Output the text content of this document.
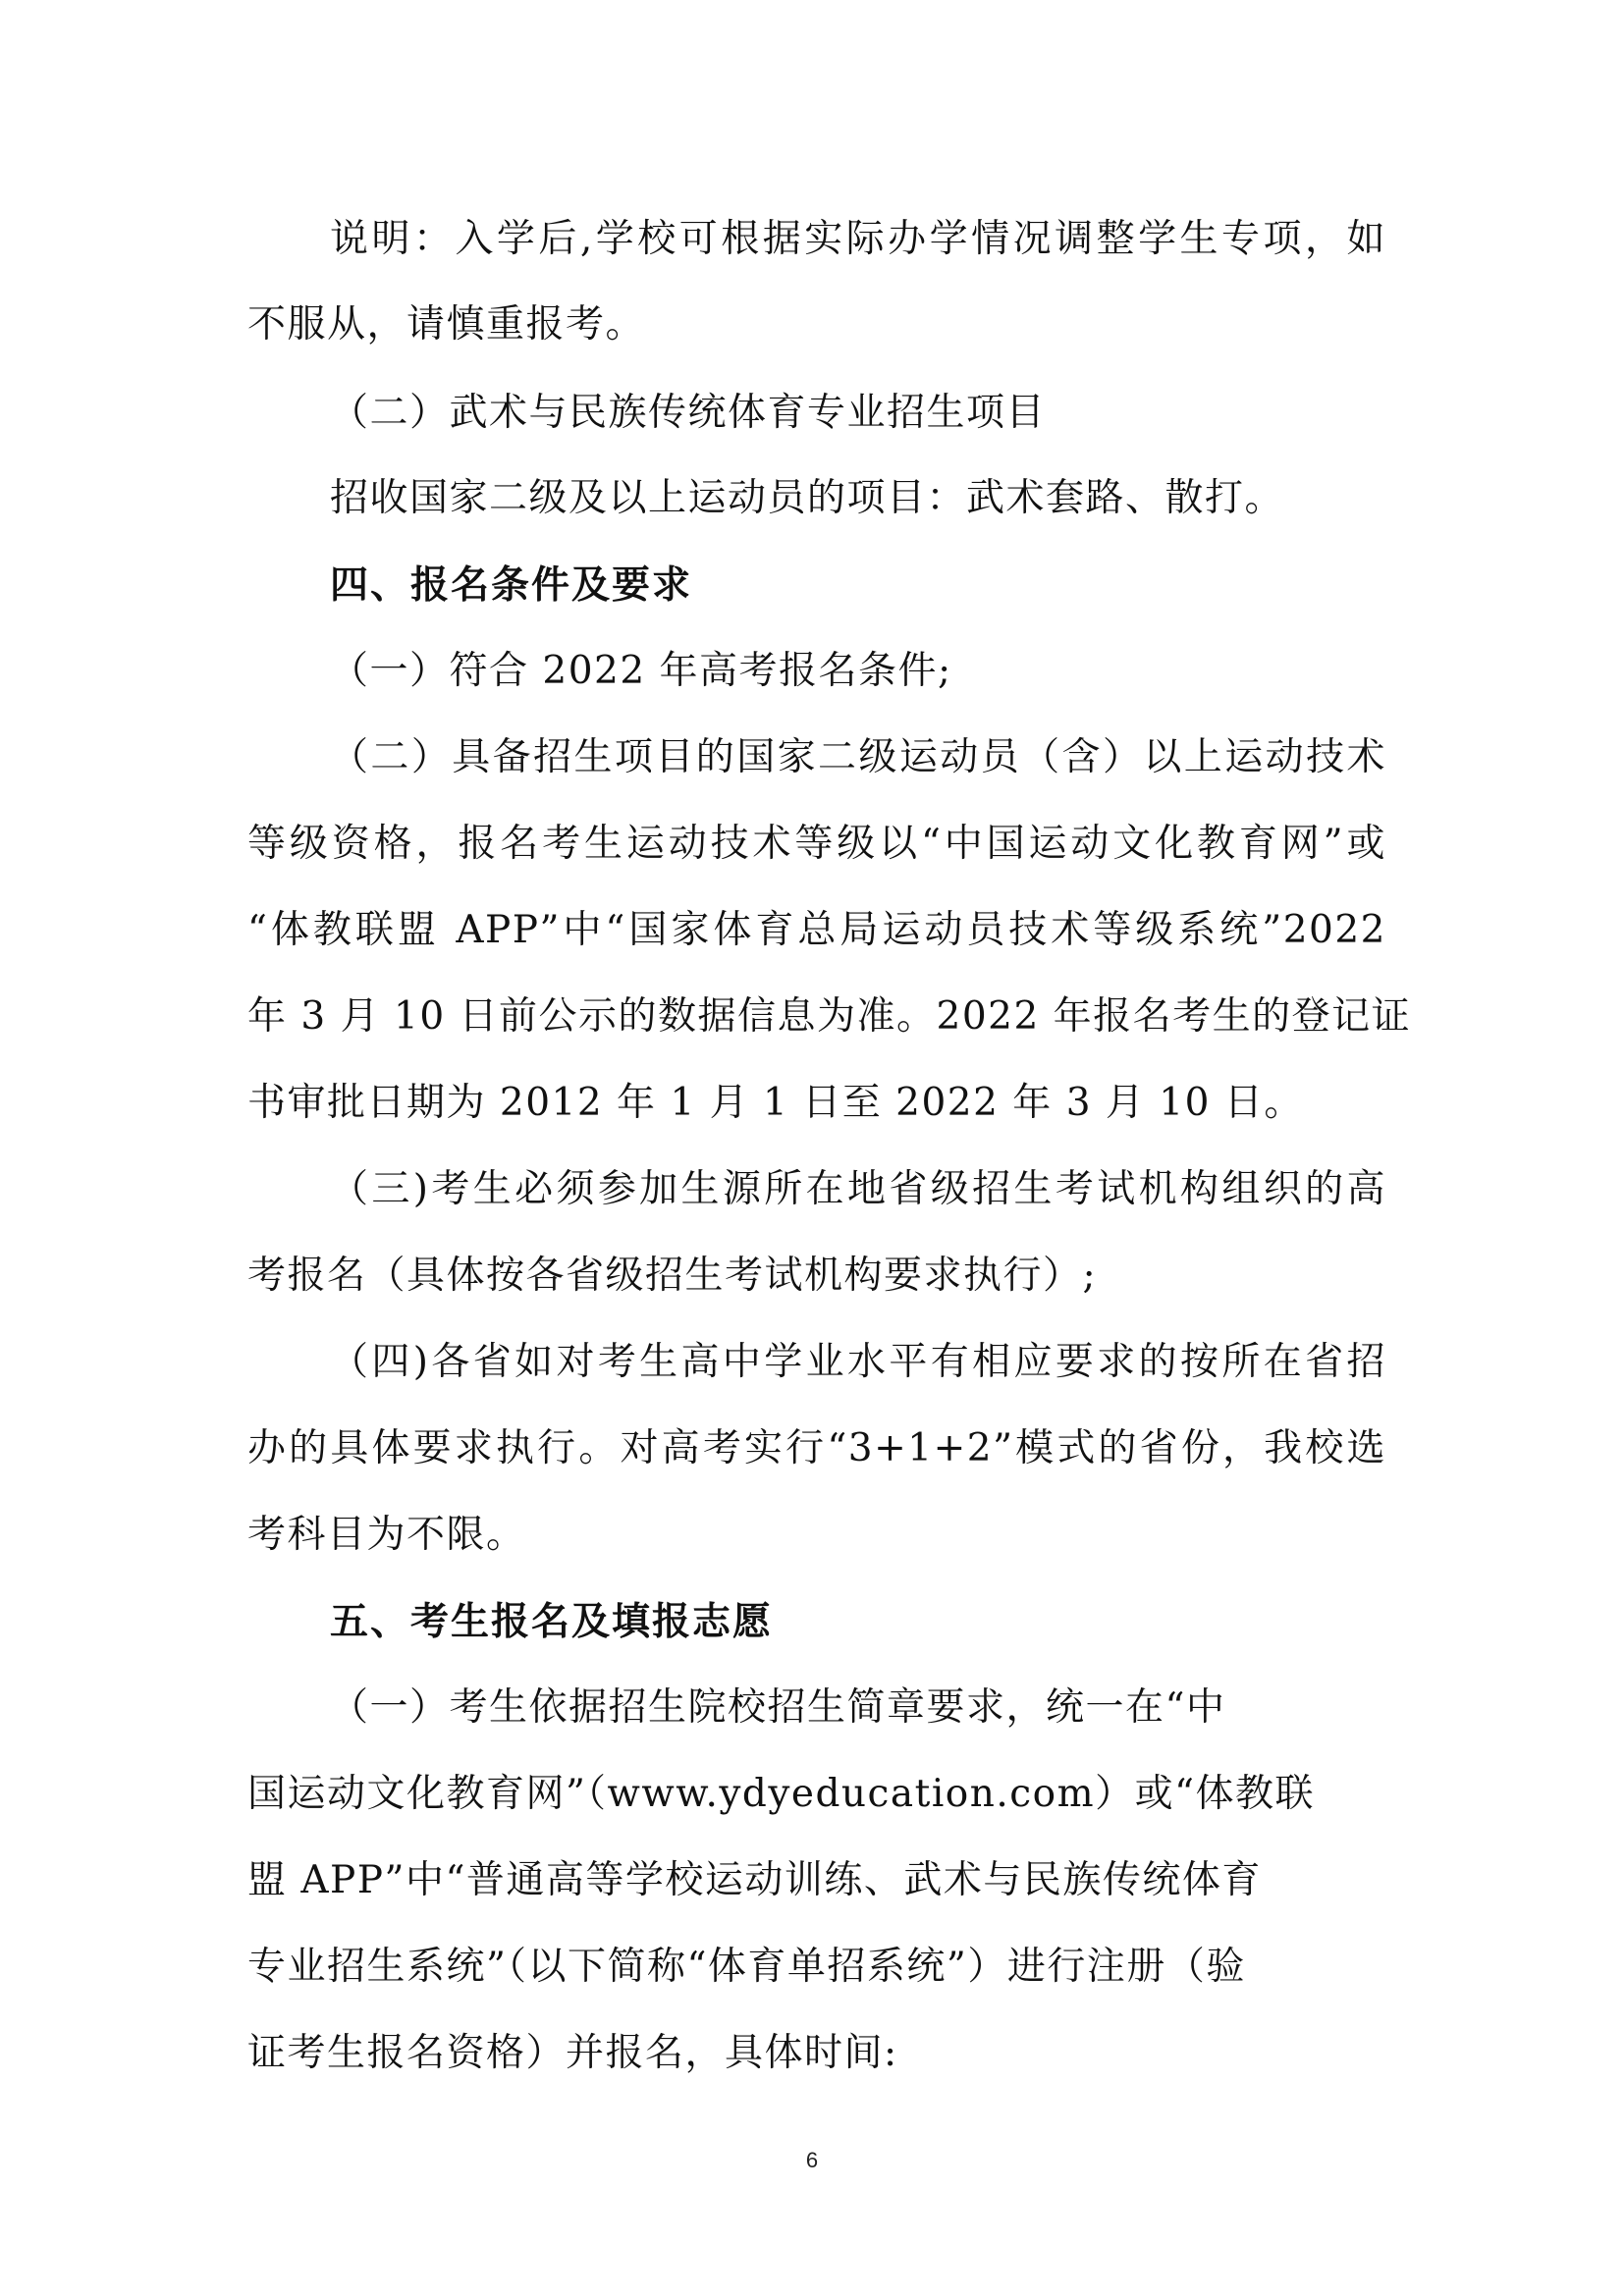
说明：入学后,学校可根据实际办学情况调整学生专项，如
不服从，请慎重报考。
（二）武术与民族传统体育专业招生项目
招收国家二级及以上运动员的项目：武术套路、散打。
四、报名条件及要求
（一）符合 2022 年高考报名条件;
（二）具备招生项目的国家二级运动员（含）以上运动技术
等级资格，报名考生运动技术等级以“中国运动文化教育网”或
“体教联盟 APP”中“国家体育总局运动员技术等级系统”2022
年 3 月 10 日前公示的数据信息为准。2022 年报名考生的登记证
书审批日期为 2012 年 1 月 1 日至 2022 年 3 月 10 日。
（三)考生必须参加生源所在地省级招生考试机构组织的高
考报名（具体按各省级招生考试机构要求执行）;
（四)各省如对考生高中学业水平有相应要求的按所在省招
办的具体要求执行。对高考实行“3+1+2”模式的省份，我校选
考科目为不限。
五、考生报名及填报志愿
（一）考生依据招生院校招生简章要求，统一在“中
国运动文化教育网”（www.ydyeducation.com）或“体教联
盟 APP”中“普通高等学校运动训练、武术与民族传统体育
专业招生系统”（以下简称“体育单招系统”）进行注册（验
证考生报名资格）并报名，具体时间:
6
